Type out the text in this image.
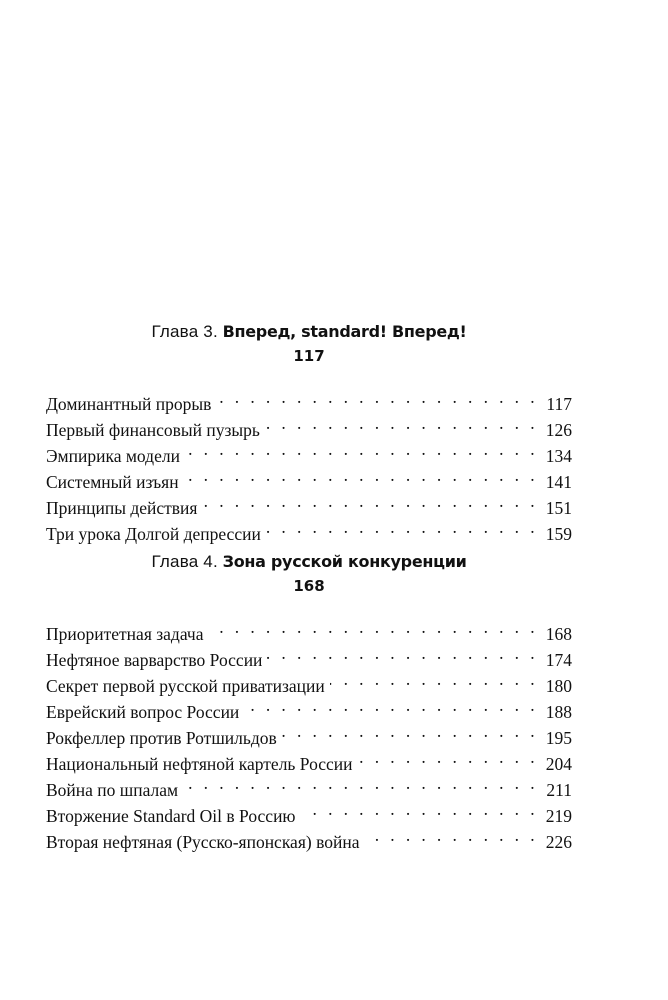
Глава 3. Вперед, standard! Вперед!
117
Доминантный прорыв . . .	117
Первый финансовый пузырь . . .	126
Эмпирика модели . . .	134
Системный изъян . . .	141
Принципы действия . . .	151
Три урока Долгой депрессии . . .	159
Глава 4. Зона русской конкуренции
168
Приоритетная задача . . .	168
Нефтяное варварство России . . .	174
Секрет первой русской приватизации . . .	180
Еврейский вопрос России . . .	188
Рокфеллер против Ротшильдов . . .	195
Национальный нефтяной картель России . . .	204
Война по шпалам . . .	211
Вторжение Standard Oil в Россию . . .	219
Вторая нефтяная (Русско-японская) война . . .	226
